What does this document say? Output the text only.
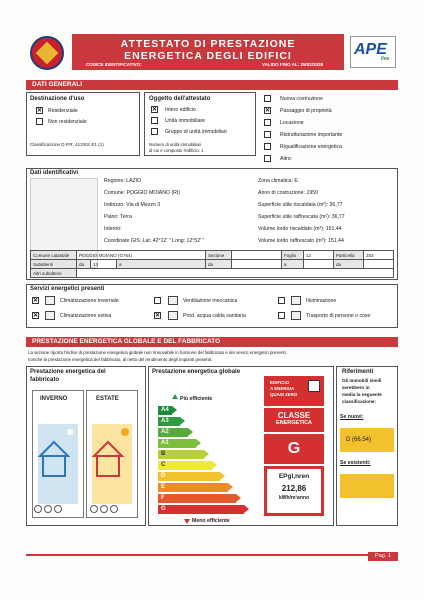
ATTESTATO DI PRESTAZIONE
ENERGETICA DEGLI EDIFICI
CODICE IDENTIFICATIVO:	VALIDO FINO AL: 25/02/2028
APE
live
DATI GENERALI
Destinazione d'uso
✕
Residenziale
Non residenziale
Classificazione D.P.R. 412/93: E1 (1)
Oggetto dell'attestato
✕
Intero edificio
Unità immobiliare
Gruppo di unità immobiliari
Numero di unità immobiliari
di cui è composto l'edificio: 1
Nuova costruzione
✕
Passaggio di proprietà
Locazione
Ristrutturazione importante
Riqualificazione energetica
Altro:
Dati identificativi
Regione: LAZIO
Comune: POGGIO MOIANO (RI)
Indirizzo: Via di Mezzo 3
Piano: Terra
Interno:
Coordinate GIS: Lat: 42°12' " Long: 12°52' "
Zona climatica: E
Anno di costruzione: 1950
Superficie utile riscaldata (m²): 36,77
Superficie utile raffrescata (m²): 36,77
Volume lordo riscaldato (m³): 151,44
Volume lordo raffrescato (m³): 151,44
Comune catastale	POGGIO MOIANO (G764)			Sezione		Foglio	12	Particella	283
Subalterni	da	13	a	da		a		da	
Altri subalterni									
Servizi energetici presenti
✕
Climatizzazione invernale
✕
Climatizzazione estiva
Ventilazione meccanica
✕
Prod. acqua calda sanitaria
Illuminazione
Trasporto di persone o cose
PRESTAZIONE ENERGETICA GLOBALE E DEL FABBRICATO
La sezione riporta l'indice di prestazione energetica globale non rinnovabile in funzione del fabbricato e dei servizi energetici presenti,
nonché la prestazione energetica del fabbricato, al netto del rendimento degli impianti presenti.
Prestazione energetica del
fabbricato
INVERNO	ESTATE
Prestazione energetica globale
Più efficiente
A4
A3
A2
A1
B
C
D
E
F
G
Meno efficiente
EDIFICIO
A ENERGIA
QUASI ZERO
CLASSE
ENERGETICA
G
EPgl,nren
212,86
kWh/m²anno
Riferimenti
Gli immobili simili
avrebbero in
media la seguente
classificazione:
Se nuovi:
D (66,54)
Se esistenti:
Pag. 1
